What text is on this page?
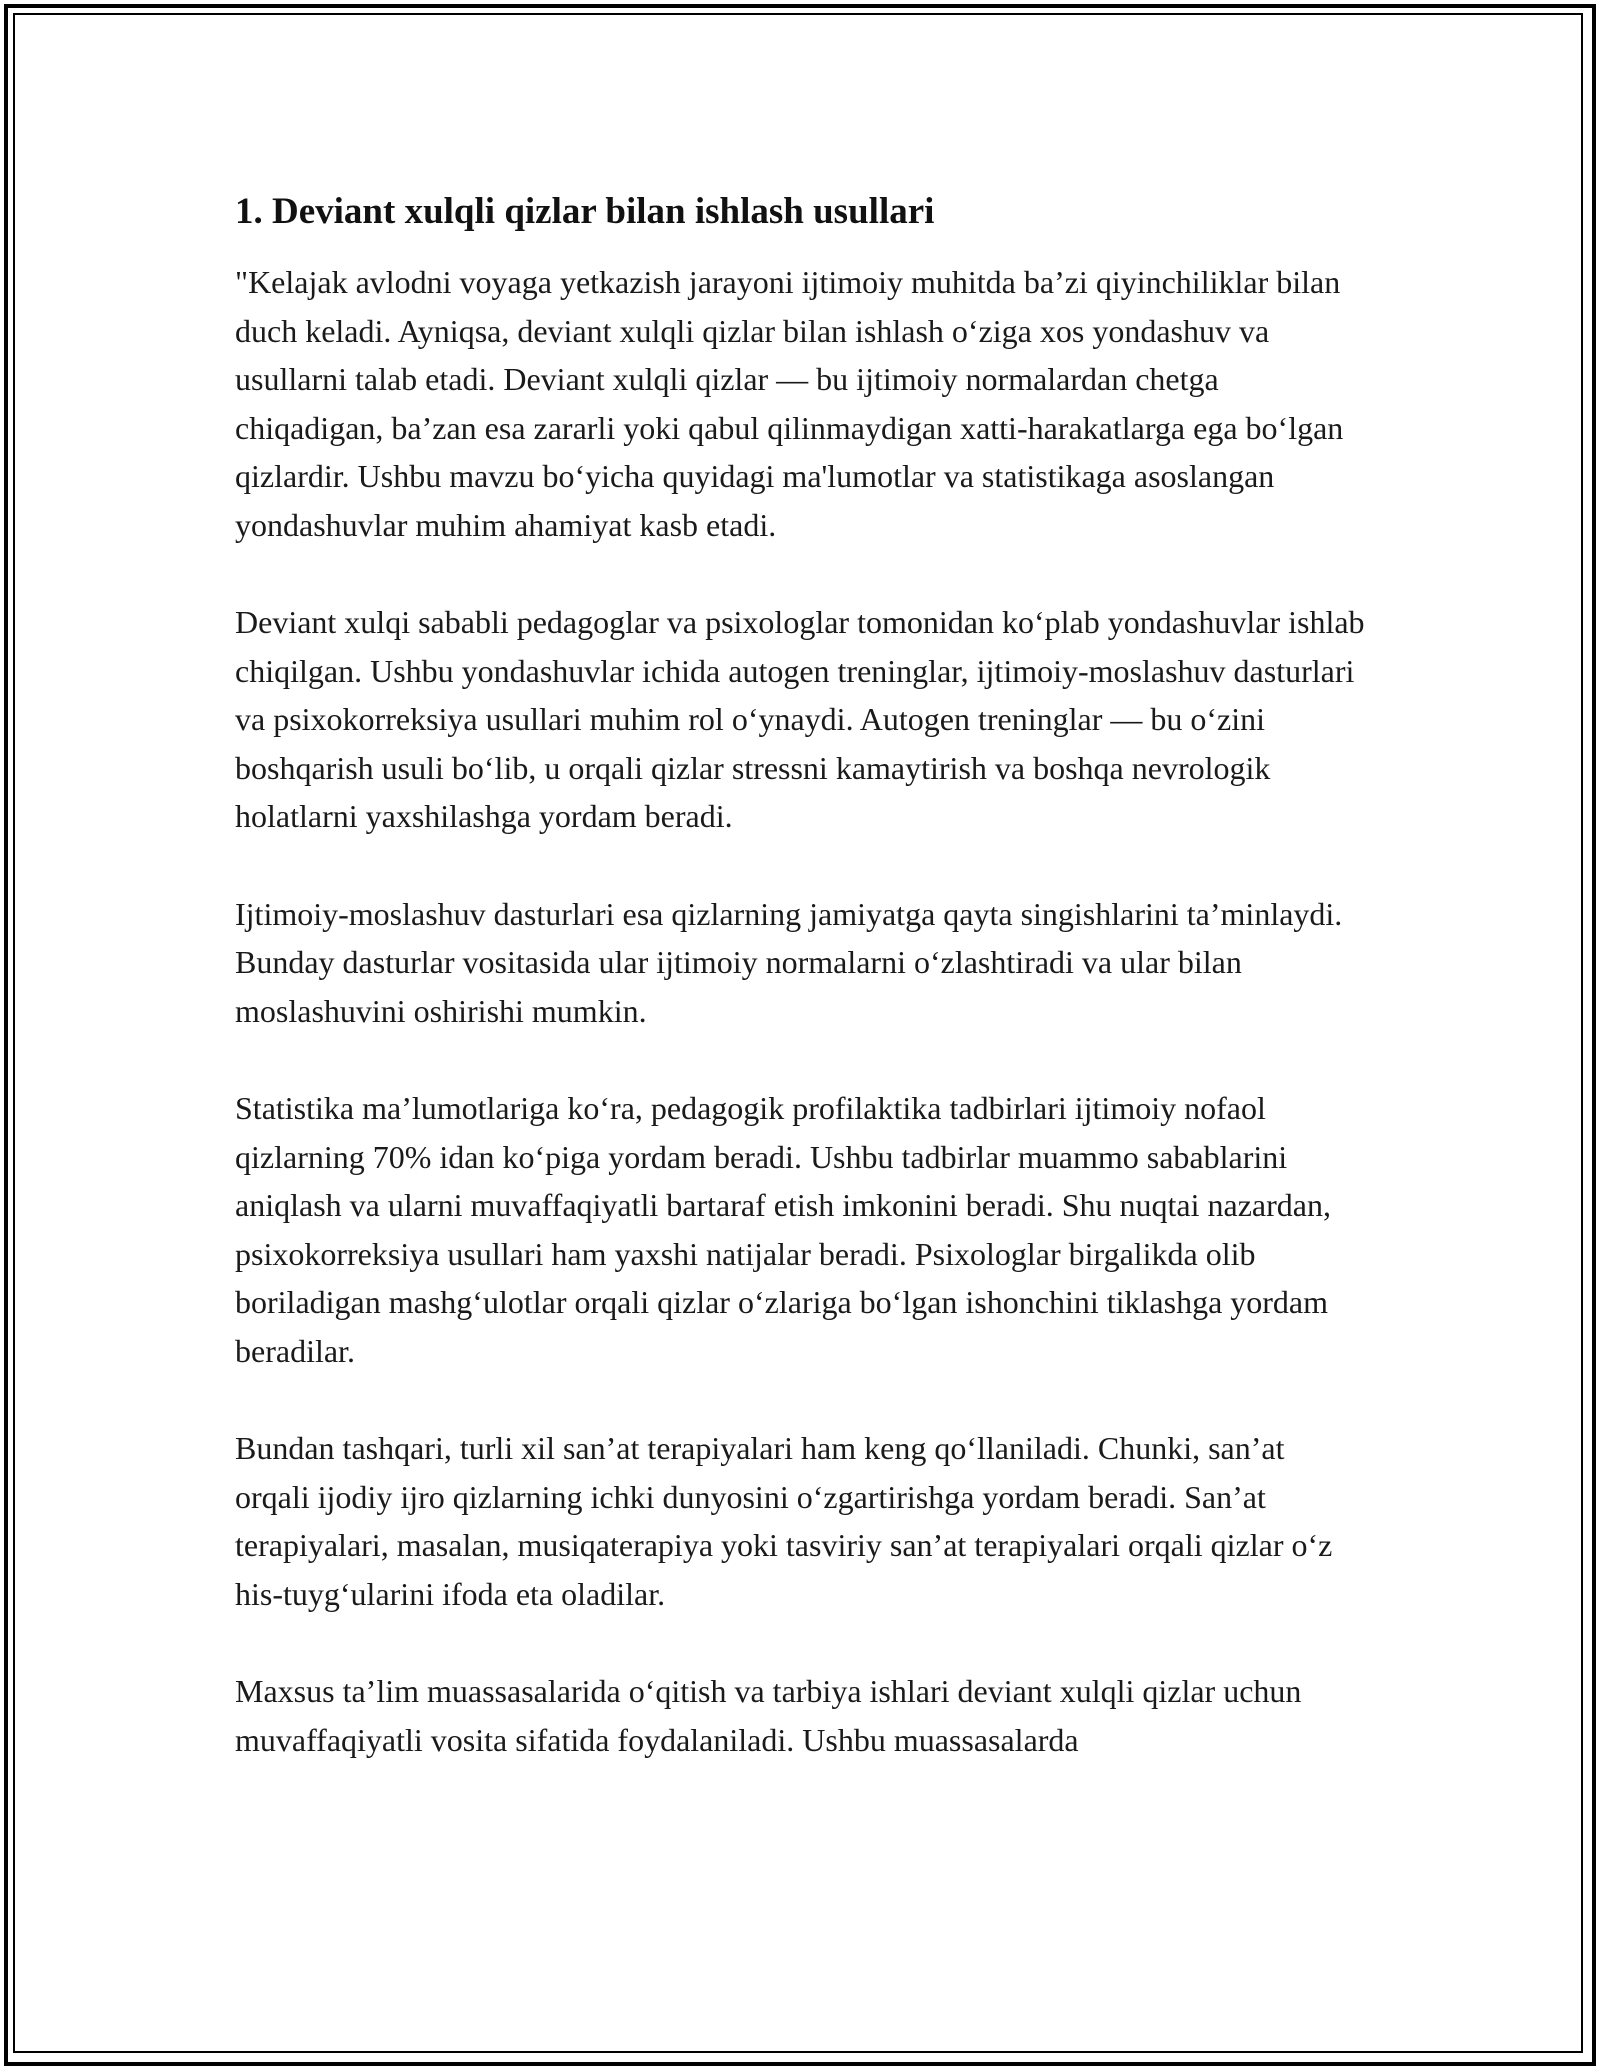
1. Deviant xulqli qizlar bilan ishlash usullari

"Kelajak avlodni voyaga yetkazish jarayoni ijtimoiy muhitda ba’zi qiyinchiliklar bilan duch keladi. Ayniqsa, deviant xulqli qizlar bilan ishlash o‘ziga xos yondashuv va usullarni talab etadi. Deviant xulqli qizlar — bu ijtimoiy normalardan chetga chiqadigan, ba’zan esa zararli yoki qabul qilinmaydigan xatti-harakatlarga ega bo‘lgan qizlardir. Ushbu mavzu bo‘yicha quyidagi ma'lumotlar va statistikaga asoslangan yondashuvlar muhim ahamiyat kasb etadi.

Deviant xulqi sababli pedagoglar va psixologlar tomonidan ko‘plab yondashuvlar ishlab chiqilgan. Ushbu yondashuvlar ichida autogen treninglar, ijtimoiy-moslashuv dasturlari va psixokorreksiya usullari muhim rol o‘ynaydi. Autogen treninglar — bu o‘zini boshqarish usuli bo‘lib, u orqali qizlar stressni kamaytirish va boshqa nevrologik holatlarni yaxshilashga yordam beradi.

Ijtimoiy-moslashuv dasturlari esa qizlarning jamiyatga qayta singishlarini ta’minlaydi. Bunday dasturlar vositasida ular ijtimoiy normalarni o‘zlashtiradi va ular bilan moslashuvini oshirishi mumkin.

Statistika ma’lumotlariga ko‘ra, pedagogik profilaktika tadbirlari ijtimoiy nofaol qizlarning 70% idan ko‘piga yordam beradi. Ushbu tadbirlar muammo sabablarini aniqlash va ularni muvaffaqiyatli bartaraf etish imkonini beradi. Shu nuqtai nazardan, psixokorreksiya usullari ham yaxshi natijalar beradi. Psixologlar birgalikda olib boriladigan mashg‘ulotlar orqali qizlar o‘zlariga bo‘lgan ishonchini tiklashga yordam beradilar.

Bundan tashqari, turli xil san’at terapiyalari ham keng qo‘llaniladi. Chunki, san’at orqali ijodiy ijro qizlarning ichki dunyosini o‘zgartirishga yordam beradi. San’at terapiyalari, masalan, musiqaterapiya yoki tasviriy san’at terapiyalari orqali qizlar o‘z his-tuyg‘ularini ifoda eta oladilar.

Maxsus ta’lim muassasalarida o‘qitish va tarbiya ishlari deviant xulqli qizlar uchun muvaffaqiyatli vosita sifatida foydalaniladi. Ushbu muassasalarda
